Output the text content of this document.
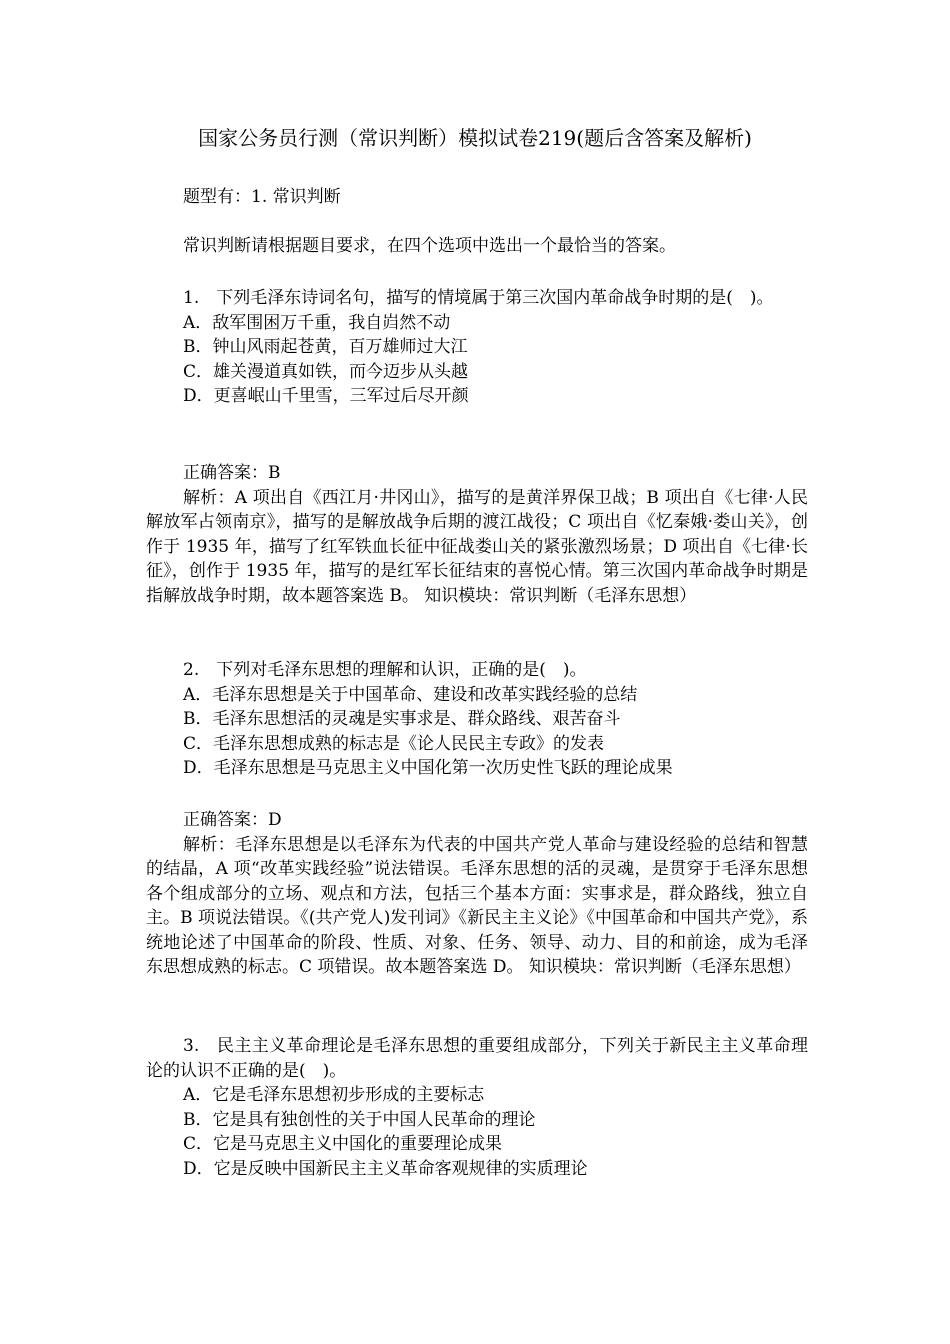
国家公务员行测（常识判断）模拟试卷219(题后含答案及解析)

题型有：1. 常识判断

常识判断请根据题目要求，在四个选项中选出一个最恰当的答案。

1.　下列毛泽东诗词名句，描写的情境属于第三次国内革命战争时期的是(　)。

A．敌军围困万千重，我自岿然不动

B．钟山风雨起苍黄，百万雄师过大江

C．雄关漫道真如铁，而今迈步从头越

D．更喜岷山千里雪，三军过后尽开颜

正确答案：B

解析：A 项出自《西江月·井冈山》，描写的是黄洋界保卫战；B 项出自《七律·人民解放军占领南京》，描写的是解放战争后期的渡江战役；C 项出自《忆秦娥·娄山关》，创作于 1935 年，描写了红军铁血长征中征战娄山关的紧张激烈场景；D 项出自《七律·长征》，创作于 1935 年，描写的是红军长征结束的喜悦心情。第三次国内革命战争时期是指解放战争时期，故本题答案选 B。 知识模块：常识判断（毛泽东思想）

2.　下列对毛泽东思想的理解和认识，正确的是(　)。

A．毛泽东思想是关于中国革命、建设和改革实践经验的总结

B．毛泽东思想活的灵魂是实事求是、群众路线、艰苦奋斗

C．毛泽东思想成熟的标志是《论人民民主专政》的发表

D．毛泽东思想是马克思主义中国化第一次历史性飞跃的理论成果

正确答案：D

解析：毛泽东思想是以毛泽东为代表的中国共产党人革命与建设经验的总结和智慧的结晶，A 项“改革实践经验”说法错误。毛泽东思想的活的灵魂，是贯穿于毛泽东思想各个组成部分的立场、观点和方法，包括三个基本方面：实事求是，群众路线，独立自主。B 项说法错误。《(共产党人)发刊词》《新民主主义论》《中国革命和中国共产党》，系统地论述了中国革命的阶段、性质、对象、任务、领导、动力、目的和前途，成为毛泽东思想成熟的标志。C 项错误。故本题答案选 D。 知识模块：常识判断（毛泽东思想）

3.　民主主义革命理论是毛泽东思想的重要组成部分，下列关于新民主主义革命理论的认识不正确的是(　)。

A．它是毛泽东思想初步形成的主要标志

B．它是具有独创性的关于中国人民革命的理论

C．它是马克思主义中国化的重要理论成果

D．它是反映中国新民主主义革命客观规律的实质理论
